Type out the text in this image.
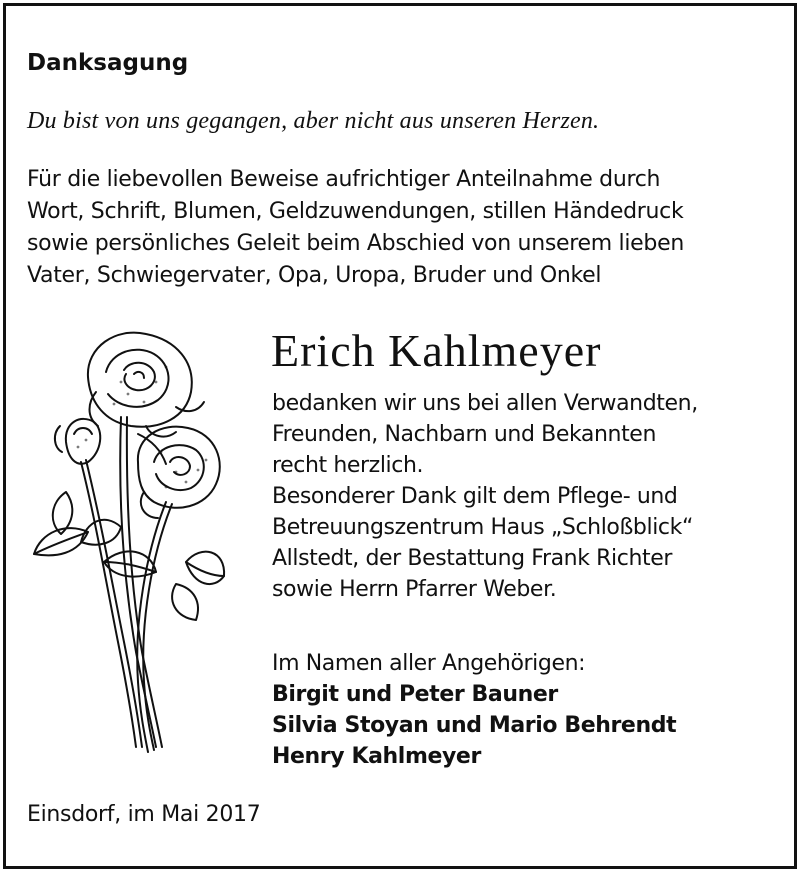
Danksagung
Du bist von uns gegangen, aber nicht aus unseren Herzen.
Für die liebevollen Beweise aufrichtiger Anteilnahme durch
Wort, Schrift, Blumen, Geldzuwendungen, stillen Händedruck
sowie persönliches Geleit beim Abschied von unserem lieben
Vater, Schwiegervater, Opa, Uropa, Bruder und Onkel
Erich Kahlmeyer
bedanken wir uns bei allen Verwandten,
Freunden, Nachbarn und Bekannten
recht herzlich.
Besonderer Dank gilt dem Pflege- und
Betreuungszentrum Haus „Schloßblick“
Allstedt, der Bestattung Frank Richter
sowie Herrn Pfarrer Weber.
Im Namen aller Angehörigen:
Birgit und Peter Bauner
Silvia Stoyan und Mario Behrendt
Henry Kahlmeyer
Einsdorf, im Mai 2017
